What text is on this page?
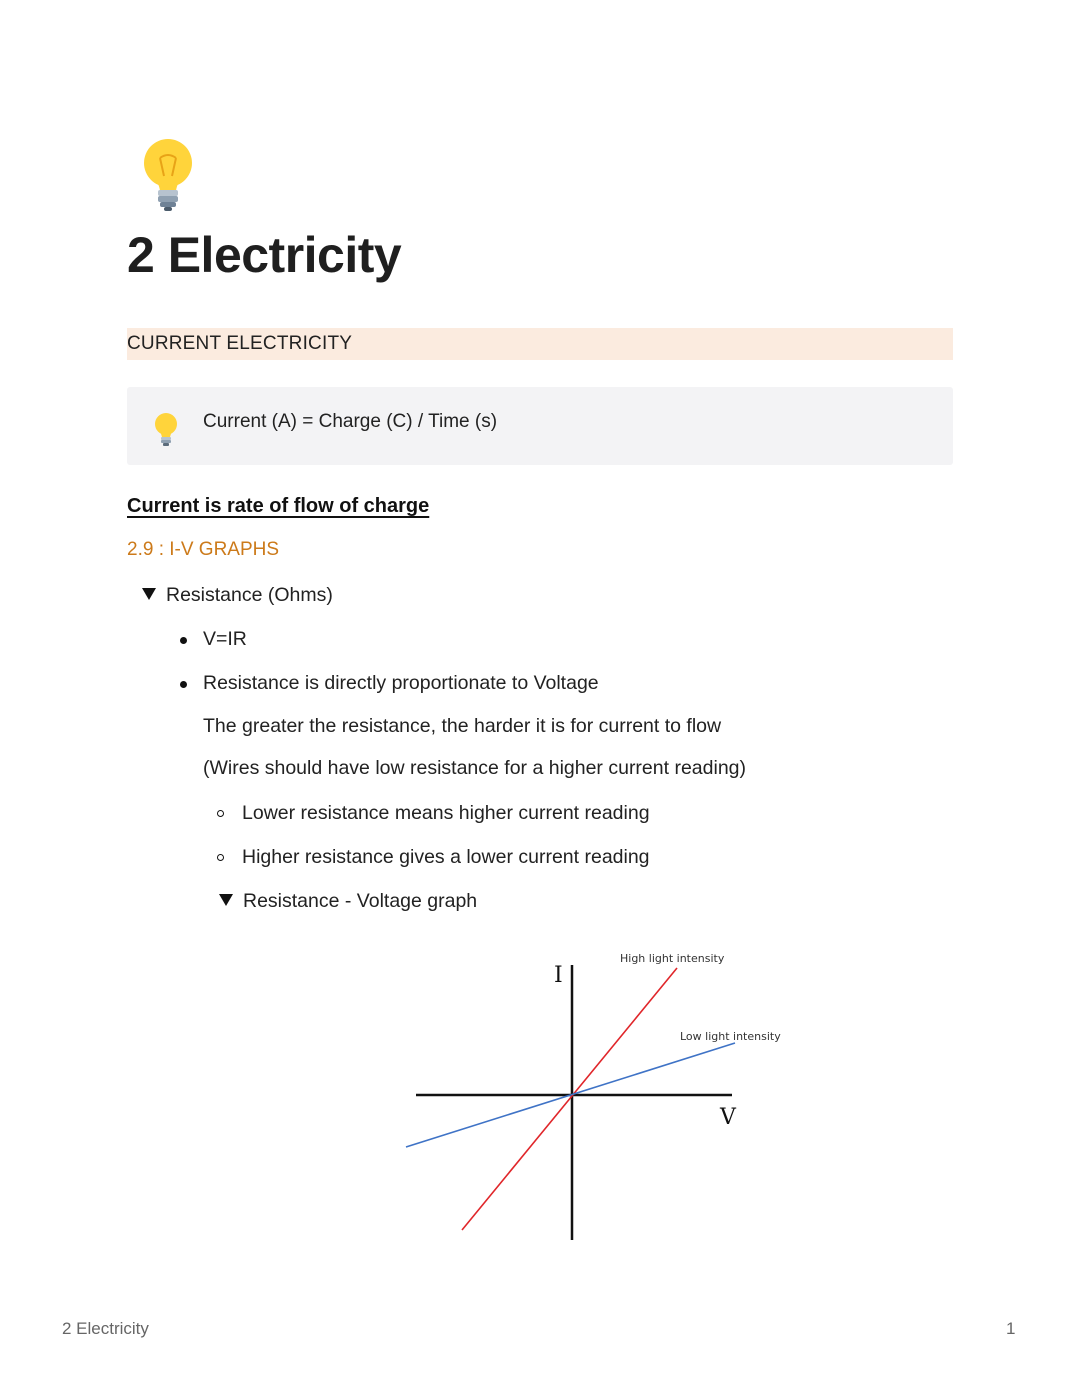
2 Electricity
CURRENT ELECTRICITY
Current (A) = Charge (C) / Time (s)
Current is rate of flow of charge
2.9 : I-V GRAPHS
Resistance (Ohms)
V=IR
Resistance is directly proportionate to Voltage
The greater the resistance, the harder it is for current to flow
(Wires should have low resistance for a higher current reading)
Lower resistance means higher current reading
Higher resistance gives a lower current reading
Resistance - Voltage graph
I
V
High light intensity
Low light intensity
2 Electricity	1
